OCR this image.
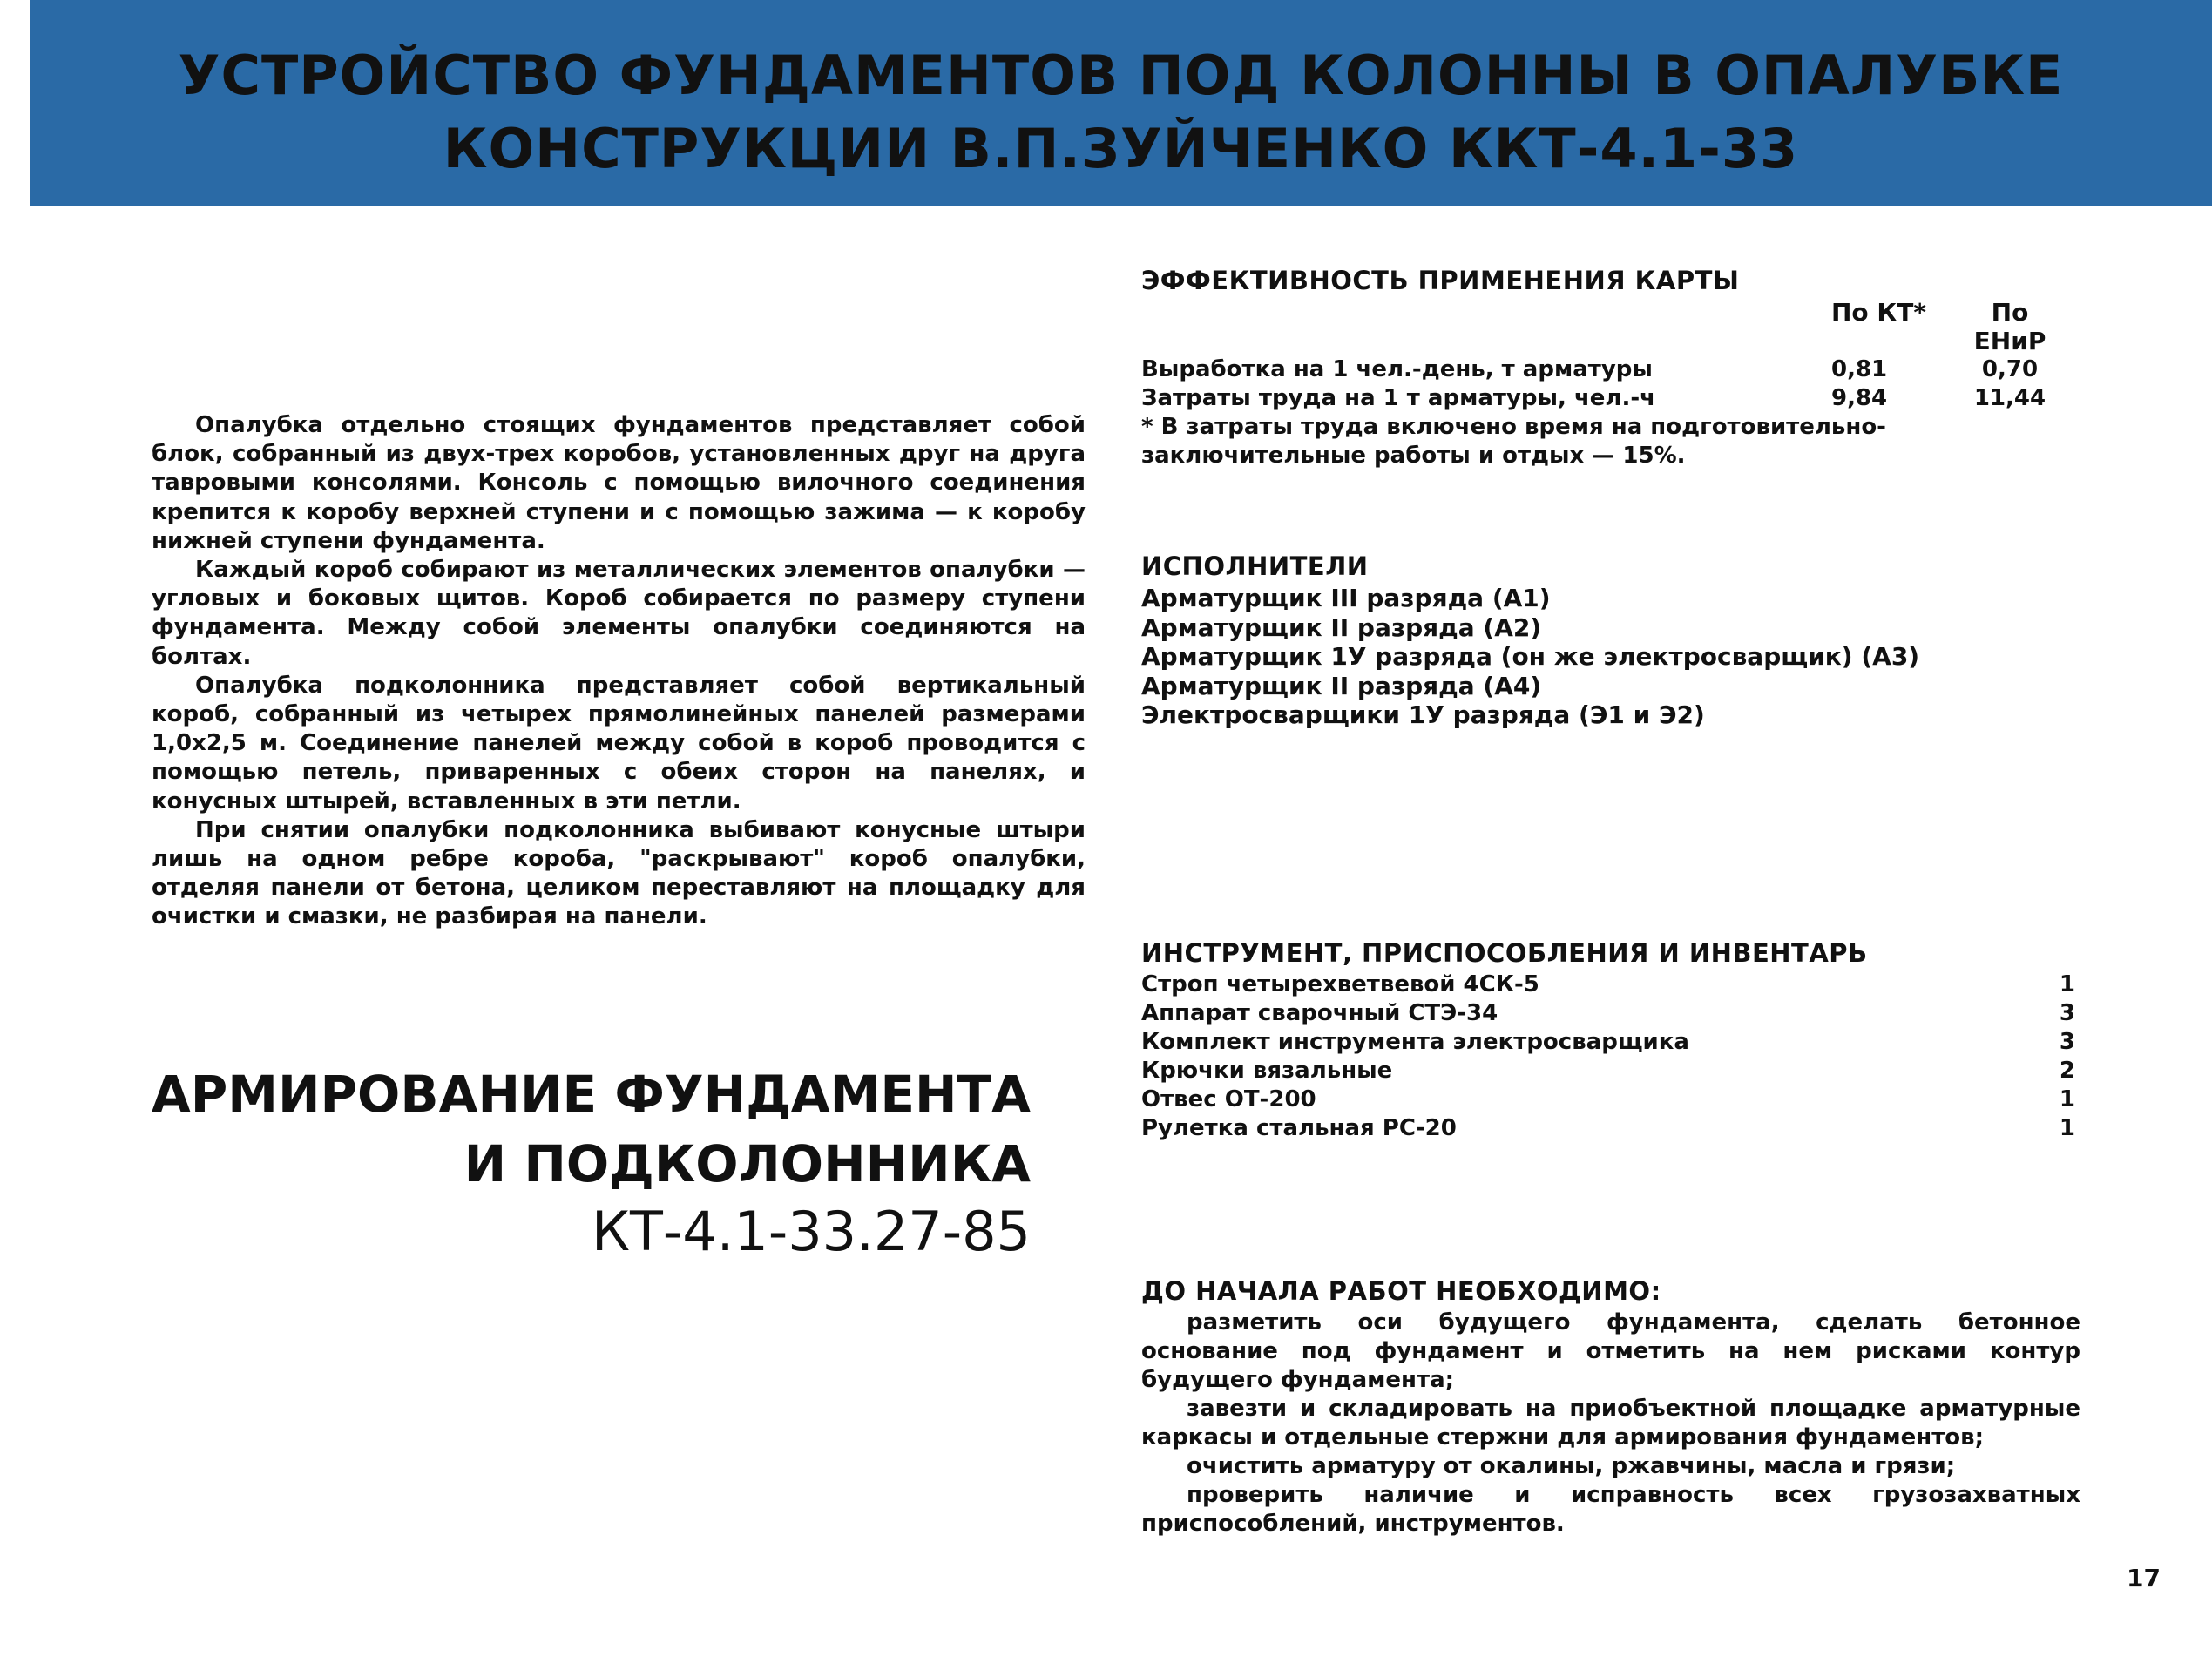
УСТРОЙСТВО ФУНДАМЕНТОВ ПОД КОЛОННЫ В ОПАЛУБКЕ
КОНСТРУКЦИИ В.П.ЗУЙЧЕНКО ККТ-4.1-33

Опалубка отдельно стоящих фундаментов представляет собой блок, собранный из двух-трех коробов, установленных друг на друга тавровыми консолями. Консоль с помощью вилочного соединения крепится к коробу верхней ступени и с помощью зажима — к коробу нижней ступени фундамента.

Каждый короб собирают из металлических элементов опалубки — угловых и боковых щитов. Короб собирается по размеру ступени фундамента. Между собой элементы опалубки соединяются на болтах.

Опалубка подколонника представляет собой вертикальный короб, собранный из четырех прямолинейных панелей размерами 1,0х2,5 м. Соединение панелей между собой в короб проводится с помощью петель, приваренных с обеих сторон на панелях, и конусных штырей, вставленных в эти петли.

При снятии опалубки подколонника выбивают конусные штыри лишь на одном ребре короба, "раскрывают" короб опалубки, отделяя панели от бетона, целиком переставляют на площадку для очистки и смазки, не разбирая на панели.

АРМИРОВАНИЕ ФУНДАМЕНТА
И ПОДКОЛОННИКА
КТ-4.1-33.27-85
ЭФФЕКТИВНОСТЬ ПРИМЕНЕНИЯ КАРТЫ
По КТ*	По ЕНиР
Выработка на 1 чел.-день, т арматуры	0,81	0,70
Затраты труда на 1 т арматуры, чел.-ч	9,84	11,44
* В затраты труда включено время на подготовительно-заключительные работы и отдых — 15%.
ИСПОЛНИТЕЛИ
Арматурщик III разряда (А1)
Арматурщик II разряда (А2)
Арматурщик 1У разряда (он же электросварщик) (А3)
Арматурщик II разряда (А4)
Электросварщики 1У разряда (Э1 и Э2)
ИНСТРУМЕНТ, ПРИСПОСОБЛЕНИЯ И ИНВЕНТАРЬ
Строп четырехветвевой 4СК-5	1
Аппарат сварочный СТЭ-34	3
Комплект инструмента электросварщика	3
Крючки вязальные	2
Отвес ОТ-200	1
Рулетка стальная РС-20	1
ДО НАЧАЛА РАБОТ НЕОБХОДИМО:

разметить оси будущего фундамента, сделать бетонное основание под фундамент и отметить на нем рисками контур будущего фундамента;

завезти и складировать на приобъектной площадке арматурные каркасы и отдельные стержни для армирования фундаментов;

очистить арматуру от окалины, ржавчины, масла и грязи;

проверить наличие и исправность всех грузозахватных приспособлений, инструментов.

17
